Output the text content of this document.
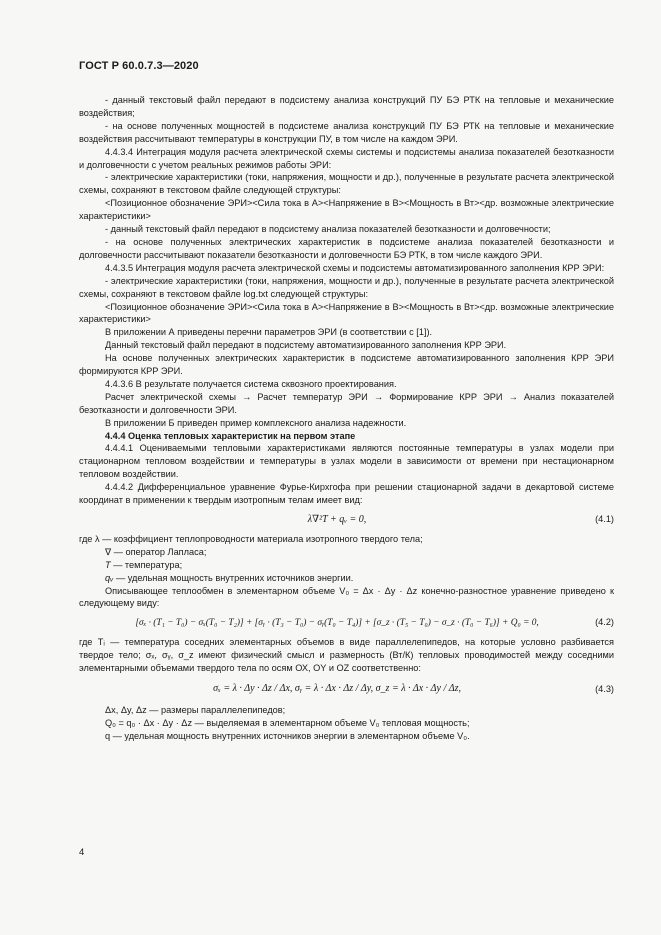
ГОСТ Р 60.0.7.3—2020

- данный текстовый файл передают в подсистему анализа конструкций ПУ БЭ РТК на тепловые и механические воздействия;

- на основе полученных мощностей в подсистеме анализа конструкций ПУ БЭ РТК на тепловые и механические воздействия рассчитывают температуры в конструкции ПУ, в том числе на каждом ЭРИ.

4.4.3.4 Интеграция модуля расчета электрической схемы системы и подсистемы анализа показателей безотказности и долговечности с учетом реальных режимов работы ЭРИ:

- электрические характеристики (токи, напряжения, мощности и др.), полученные в результате расчета электрической схемы, сохраняют в текстовом файле следующей структуры:

<Позиционное обозначение ЭРИ><Сила тока в А><Напряжение в В><Мощность в Вт><др. возможные электрические характеристики>

- данный текстовый файл передают в подсистему анализа показателей безотказности и долговечности;

- на основе полученных электрических характеристик в подсистеме анализа показателей безотказности и долговечности рассчитывают показатели безотказности и долговечности БЭ РТК, в том числе каждого ЭРИ.

4.4.3.5 Интеграция модуля расчета электрической схемы и подсистемы автоматизированного заполнения КРР ЭРИ:

- электрические характеристики (токи, напряжения, мощности и др.), полученные в результате расчета электрической схемы, сохраняют в текстовом файле log.txt следующей структуры:

<Позиционное обозначение ЭРИ><Сила тока в А><Напряжение в В><Мощность в Вт><др. возможные электрические характеристики>

В приложении А приведены перечни параметров ЭРИ (в соответствии с [1]).

Данный текстовый файл передают в подсистему автоматизированного заполнения КРР ЭРИ.

На основе полученных электрических характеристик в подсистеме автоматизированного заполнения КРР ЭРИ формируются КРР ЭРИ.

4.4.3.6 В результате получается система сквозного проектирования.

Расчет электрической схемы → Расчет температур ЭРИ → Формирование КРР ЭРИ → Анализ показателей безотказности и долговечности ЭРИ.

В приложении Б приведен пример комплексного анализа надежности.

4.4.4 Оценка тепловых характеристик на первом этапе

4.4.4.1 Оцениваемыми тепловыми характеристиками являются постоянные температуры в узлах модели при стационарном тепловом воздействии и температуры в узлах модели в зависимости от времени при нестационарном тепловом воздействии.

4.4.4.2 Дифференциальное уравнение Фурье-Кирхгофа при решении стационарной задачи в декартовой системе координат в применении к твердым изотропным телам имеет вид:

λ∇²T + qᵥ = 0,	(4.1)

где λ — коэффициент теплопроводности материала изотропного твердого тела;

∇ — оператор Лапласа;

T — температура;

qᵥ — удельная мощность внутренних источников энергии.

Описывающее теплообмен в элементарном объеме V₀ = Δx · Δy · Δz конечно-разностное уравнение приведено к следующему виду:

[σₓ · (T₁ − T₀) − σₓ(T₀ − T₂)] + [σᵧ · (T₃ − T₀) − σᵧ(T₀ − T₄)] + [σ_z · (T₅ − T₀) − σ_z · (T₀ − T₆)] + Q₀ = 0,	(4.2)

где Tᵢ — температура соседних элементарных объемов в виде параллелепипедов, на которые условно разбивается твердое тело; σₓ, σᵧ, σ_z имеют физический смысл и размерность (Вт/К) тепловых проводимостей между соседними элементарными объемами твердого тела по осям ОХ, ОY и ОZ соответственно:

σₓ = λ · Δy · Δz / Δx, σᵧ = λ · Δx · Δz / Δy, σ_z = λ · Δx · Δy / Δz,	(4.3)

Δx, Δy, Δz — размеры параллелепипедов;

Q₀ = q₀ · Δx · Δy · Δz — выделяемая в элементарном объеме V₀ тепловая мощность;

q — удельная мощность внутренних источников энергии в элементарном объеме V₀.

4
